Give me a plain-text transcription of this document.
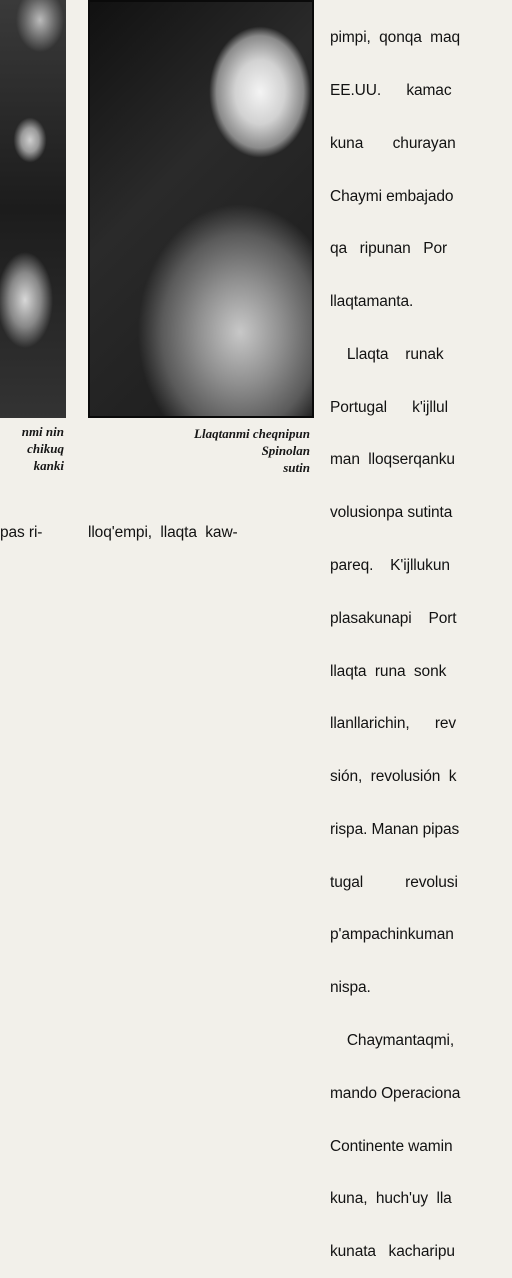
nmi nin
chikuq
kanki
Llaqtanmi cheqnipun
Spinolan
sutin

pas ri-

	lloq'empi,  llaqta  kaw-

pimpi,  qonqa  maq

EE.UU.      kamac

kuna       churayan

Chaymi embajado

qa   ripunan   Por

llaqtamanta.

Llaqta    runak

Portugal      k'ijllul

man  lloqserqanku

volusionpa sutinta

pareq.    K'ijllukun

plasakunapi    Port

llaqta  runa  sonk

llanllarichin,      rev

sión,  revolusión  k

rispa. Manan pipas

tugal          revolusi

p'ampachinkuman

nispa.

Chaymantaqmi,

mando Operaciona

Continente wamin

kuna,  huch'uy  lla

kunata   kacharipu
